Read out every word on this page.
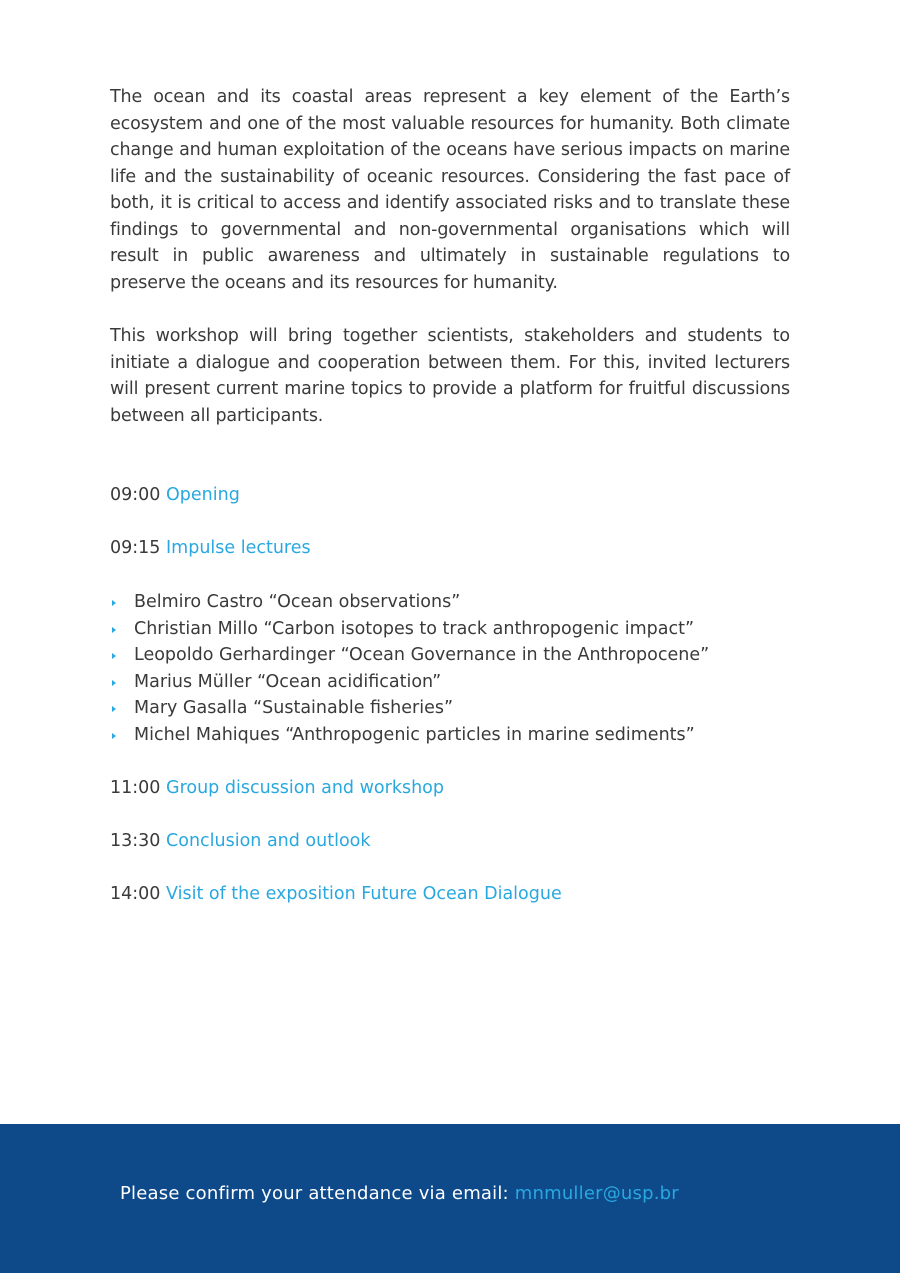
The ocean and its coastal areas represent a key element of the Earth’s ecosystem and one of the most valuable resources for humanity. Both climate change and human exploitation of the oceans have serious impacts on marine life and the sustainability of oceanic resources. Considering the fast pace of both, it is critical to access and identify associated risks and to translate these findings to governmental and non-governmental organisations which will result in public awareness and ultimately in sustainable regulations to preserve the oceans and its resources for humanity.

This workshop will bring together scientists, stakeholders and students to initiate a dialogue and cooperation between them. For this, invited lecturers will present current marine topics to provide a platform for fruitful discussions between all participants.

09:00 Opening
09:15 Impulse lectures
Belmiro Castro “Ocean observations”
Christian Millo “Carbon isotopes to track anthropogenic impact”
Leopoldo Gerhardinger “Ocean Governance in the Anthropocene”
Marius Müller “Ocean acidification”
Mary Gasalla “Sustainable fisheries”
Michel Mahiques “Anthropogenic particles in marine sediments”
11:00 Group discussion and workshop
13:30 Conclusion and outlook
14:00 Visit of the exposition Future Ocean Dialogue
Please confirm your attendance via email: mnmuller@usp.br
